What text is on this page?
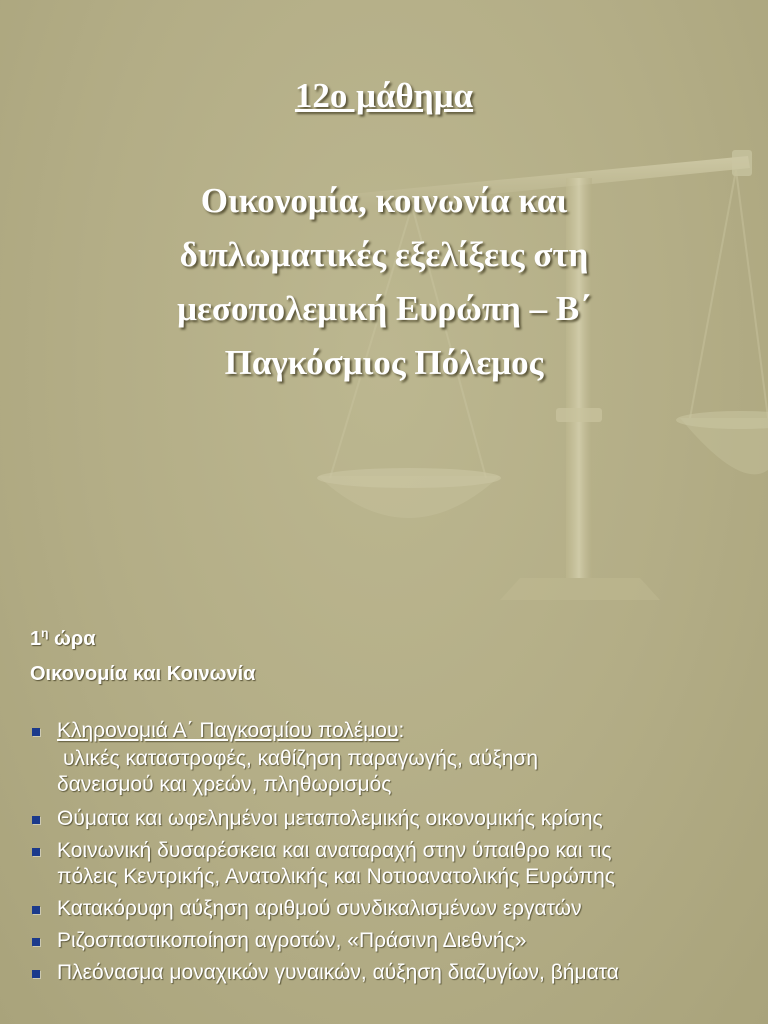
12ο μάθημα
Οικονομία, κοινωνία και
διπλωματικές εξελίξεις στη
μεσοπολεμική Ευρώπη – Β΄
Παγκόσμιος Πόλεμος
$1^\eta$ ώρα
Οικονομία και Κοινωνία
Κληρονομιά Α΄ Παγκοσμίου πολέμου:
υλικές καταστροφές, καθίζηση παραγωγής, αύξηση
δανεισμού και χρεών, πληθωρισμός
Θύματα και ωφελημένοι μεταπολεμικής οικονομικής κρίσης
Κοινωνική δυσαρέσκεια και αναταραχή στην ύπαιθρο και τις
πόλεις Κεντρικής, Ανατολικής και Νοτιοανατολικής Ευρώπης
Κατακόρυφη αύξηση αριθμού συνδικαλισμένων εργατών
Ριζοσπαστικοποίηση αγροτών, «Πράσινη Διεθνής»
Πλεόνασμα μοναχικών γυναικών, αύξηση διαζυγίων, βήματα
